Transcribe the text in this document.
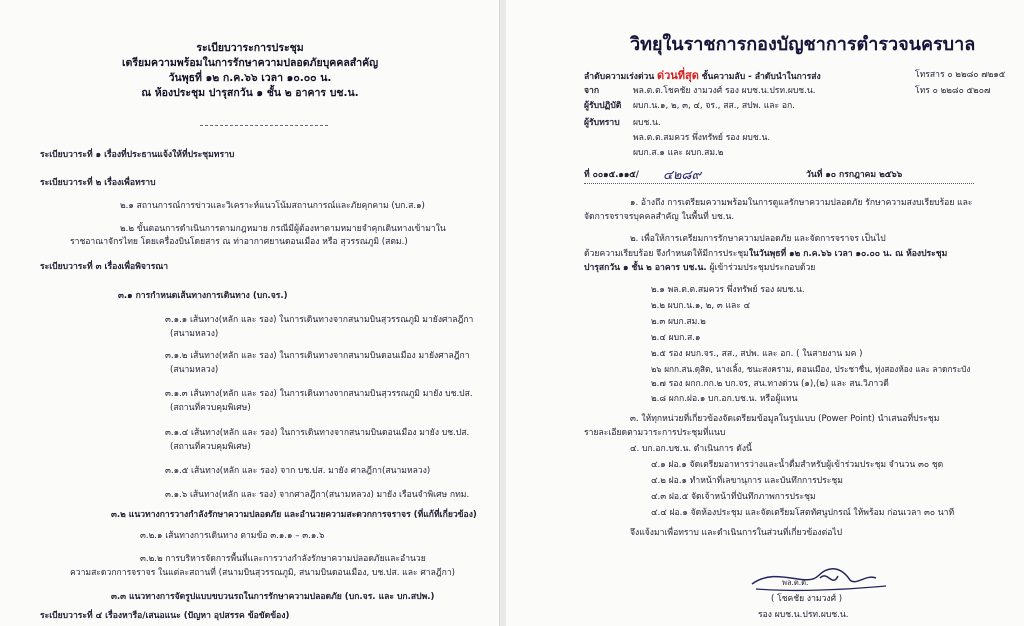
ระเบียบวาระการประชุม
เตรียมความพร้อมในการรักษาความปลอดภัยบุคคลสำคัญ
วันพุธที่ ๑๒ ก.ค.๖๖ เวลา ๑๐.๐๐ น.
ณ ห้องประชุม ปารุสกวัน ๑ ชั้น ๒ อาคาร บช.น.
ระเบียบวาระที่ ๑ เรื่องที่ประธานแจ้งให้ที่ประชุมทราบ
ระเบียบวาระที่ ๒ เรื่องเพื่อทราบ
๒.๑ สถานการณ์การข่าวและวิเคราะห์แนวโน้มสถานการณ์และภัยคุกคาม (บก.ส.๑)
๒.๒ ขั้นตอนการดำเนินการตามกฎหมาย กรณีมีผู้ต้องหาตามหมายจำคุกเดินทางเข้ามาใน
ราชอาณาจักรไทย โดยเครื่องบินโดยสาร ณ ท่าอากาศยานดอนเมือง หรือ สุวรรณภูมิ (สตม.)
ระเบียบวาระที่ ๓ เรื่องเพื่อพิจารณา
๓.๑ การกำหนดเส้นทางการเดินทาง (บก.จร.)
๓.๑.๑ เส้นทาง(หลัก และ รอง) ในการเดินทางจากสนามบินสุวรรณภูมิ มายังศาลฎีกา
(สนามหลวง)
๓.๑.๒ เส้นทาง(หลัก และ รอง) ในการเดินทางจากสนามบินดอนเมือง มายังศาลฎีกา
(สนามหลวง)
๓.๑.๓ เส้นทาง(หลัก และ รอง) ในการเดินทางจากสนามบินสุวรรณภูมิ มายัง บช.ปส.
(สถานที่ควบคุมพิเศษ)
๓.๑.๔ เส้นทาง(หลัก และ รอง) ในการเดินทางจากสนามบินดอนเมือง มายัง บช.ปส.
(สถานที่ควบคุมพิเศษ)
๓.๑.๕ เส้นทาง(หลัก และ รอง) จาก บช.ปส. มายัง ศาลฎีกา(สนามหลวง)
๓.๑.๖ เส้นทาง(หลัก และ รอง) จากศาลฎีกา(สนามหลวง) มายัง เรือนจำพิเศษ กทม.
๓.๒ แนวทางการวางกำลังรักษาความปลอดภัย และอำนวยความสะดวกการจราจร (ที่แก้ที่เกี่ยวข้อง)
๓.๒.๑ เส้นทางการเดินทาง ตามข้อ ๓.๑.๑ – ๓.๑.๖
๓.๒.๒ การบริหารจัดการพื้นที่และการวางกำลังรักษาความปลอดภัยและอำนวย
ความสะดวกการจราจร ในแต่ละสถานที่ (สนามบินสุวรรณภูมิ, สนามบินดอนเมือง, บช.ปส. และ ศาลฎีกา)
๓.๓ แนวทางการจัดรูปแบบขบวนรถในการรักษาความปลอดภัย (บก.จร. และ บก.สปพ.)
ระเบียบวาระที่ ๔ เรื่องหารือ/เสนอแนะ (ปัญหา อุปสรรค ข้อขัดข้อง)
วิทยุในราชการกองบัญชาการตำรวจนครบาล
ลำดับความเร่งด่วน ด่วนที่สุด ชั้นความลับ - ลำดับนำในการส่ง	โทรสาร ๐ ๒๒๘๐ ๗๒๑๕
จาก	พล.ต.ต.โชคชัย งามวงศ์ รอง ผบช.น.ปรท.ผบช.น.	โทร ๐ ๒๒๘๐ ๕๒๐๗
ผู้รับปฏิบัติ ผบก.น.๑, ๒, ๓, ๔, จร., สส., สปพ. และ อก.
ผู้รับทราบ ผบช.น.
พล.ต.ต.สมควร พึ่งทรัพย์ รอง ผบช.น.
ผบก.ส.๑ และ ผบก.สม.๒
ที่ ๐๐๑๕.๑๑๕/ ๔๒๘๙	วันที่ ๑๐ กรกฎาคม ๒๕๖๖
๑. อ้างถึง การเตรียมความพร้อมในการดูแลรักษาความปลอดภัย รักษาความสงบเรียบร้อย และ
จัดการจราจรบุคคลสำคัญ ในพื้นที่ บช.น.
๒. เพื่อให้การเตรียมการรักษาความปลอดภัย และจัดการจราจร เป็นไป
ด้วยความเรียบร้อย จึงกำหนดให้มีการประชุมในวันพุธที่ ๑๒ ก.ค.๖๖ เวลา ๑๐.๐๐ น. ณ ห้องประชุม
ปารุสกวัน ๑ ชั้น ๒ อาคาร บช.น. ผู้เข้าร่วมประชุมประกอบด้วย
๒.๑ พล.ต.ต.สมควร พึ่งทรัพย์ รอง ผบช.น.
๒.๒ ผบก.น.๑, ๒, ๓ และ ๔
๒.๓ ผบก.สม.๒
๒.๔ ผบก.ส.๑
๒.๕ รอง ผบก.จร., สส., สปพ. และ อก. ( ในสายงาน มค )
๒๖ ผกก.สน.ดุสิต, นางเลิ้ง, ชนะสงคราม, ดอนเมือง, ประชาชื่น, ทุ่งสองห้อง และ ลาดกระบัง
๒.๗ รอง ผกก.กก.๒ บก.จร, สน.ทางด่วน (๑),(๒) และ สน.วิภาวดี
๒.๘ ผกก.ฝอ.๑ บก.อก.บช.น. หรือผู้แทน
๓. ให้ทุกหน่วยที่เกี่ยวข้องจัดเตรียมข้อมูลในรูปแบบ (Power Point) นำเสนอที่ประชุม
รายละเอียดตามวาระการประชุมที่แนบ
๔. บก.อก.บช.น. ดำเนินการ ดังนี้
๔.๑ ฝอ.๑ จัดเตรียมอาหารว่างและน้ำดื่มสำหรับผู้เข้าร่วมประชุม จำนวน ๓๐ ชุด
๔.๒ ฝอ.๑ ทำหน้าที่เลขานุการ และบันทึกการประชุม
๔.๓ ฝอ.๕ จัดเจ้าหน้าที่บันทึกภาพการประชุม
๔.๔ ฝอ.๑ จัดห้องประชุม และจัดเตรียมโสตทัศนูปกรณ์ ให้พร้อม ก่อนเวลา ๓๐ นาที
จึงแจ้งมาเพื่อทราบ และดำเนินการในส่วนที่เกี่ยวข้องต่อไป
พล.ต.ต.
( โชคชัย งามวงศ์ )
รอง ผบช.น.ปรท.ผบช.น.
